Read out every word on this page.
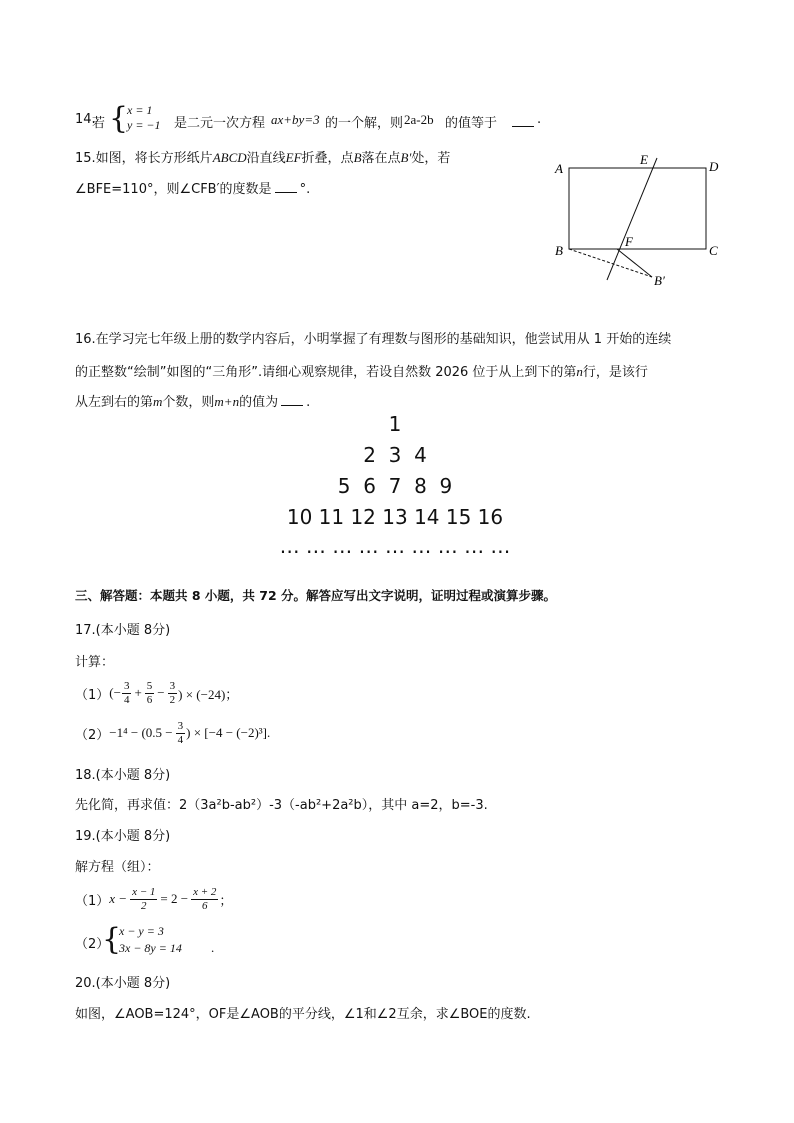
14.
若 {
x = 1
y = −1 是二元一次方程 ax+by=3 的一个解，则 2a-2b 的值等于	.
15.如图，将长方形纸片ABCD沿直线EF折叠，点B落在点B′处，若
∠BFE=110°，则∠CFB′的度数是 °.
A
E	D
B
F
C
B′
16.在学习完七年级上册的数学内容后，小明掌握了有理数与图形的基础知识，他尝试用从 1 开始的连续
的正整数“绘制”如图的“三角形”.请细心观察规律，若设自然数 2026 位于从上到下的第n行，是该行
从左到右的第m个数，则m+n的值为 .
1
2  3  4
5  6  7  8  9
10 11 12 13 14 15 16
… … … … … … … … …
三、解答题：本题共 8 小题，共 72 分。解答应写出文字说明，证明过程或演算步骤。
17.(本小题 8分)
计算：
（1） (− $\frac{3}{4} + \frac{5}{6} - \frac{3}{2}$ ) × (−24)；
$(2) -1^4 - (0.5 - \frac{3}{4}$ ) × [−4 − (−2)³].
18.(本小题 8分)
先化简，再求值：2（3a²b-ab²）-3（-ab²+2a²b），其中 a=2，b=-3.
19.(本小题 8分)
解方程（组）：
（1） $x - \frac{x - 1}{2} = 2 - \frac{x + 2}{6}$ ；
（2）
{
x − y = 3
3x − 8y = 14 .
20.(本小题 8分)
如图，∠AOB=124°，OF是∠AOB的平分线，∠1和∠2互余，求∠BOE的度数.
